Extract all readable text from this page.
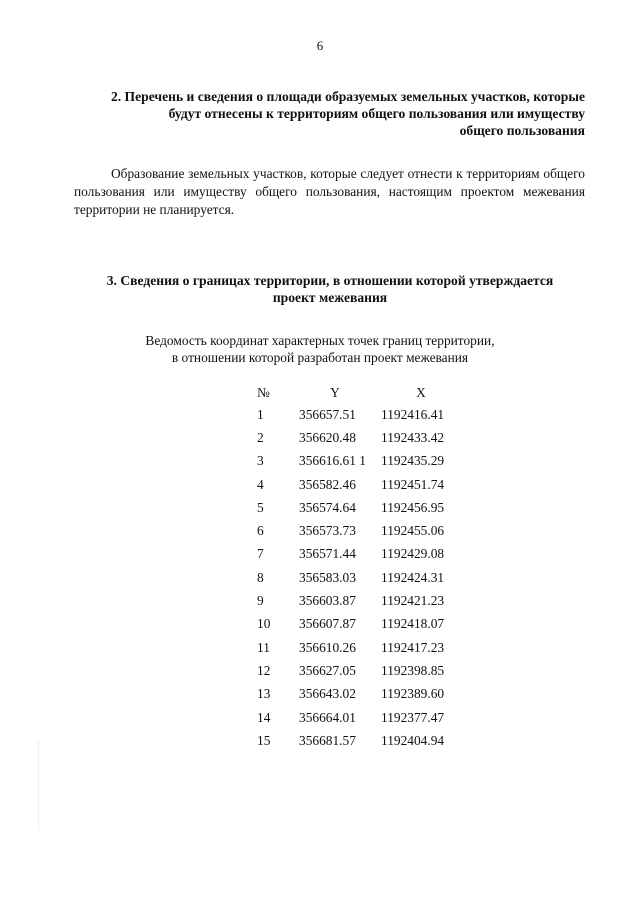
6
2. Перечень и сведения о площади образуемых земельных участков, которые
будут отнесены к территориям общего пользования или имуществу
общего пользования
Образование земельных участков, которые следует отнести к территориям общего пользования или имуществу общего пользования, настоящим проектом межевания территории не планируется.
3. Сведения о границах территории, в отношении которой утверждается
проект межевания
Ведомость координат характерных точек границ территории,
в отношении которой разработан проект межевания
№	Y	X
1	356657.51	1192416.41
2	356620.48	1192433.42
3	356616.61 1	1192435.29
4	356582.46	1192451.74
5	356574.64	1192456.95
6	356573.73	1192455.06
7	356571.44	1192429.08
8	356583.03	1192424.31
9	356603.87	1192421.23
10	356607.87	1192418.07
11	356610.26	1192417.23
12	356627.05	1192398.85
13	356643.02	1192389.60
14	356664.01	1192377.47
15	356681.57	1192404.94
